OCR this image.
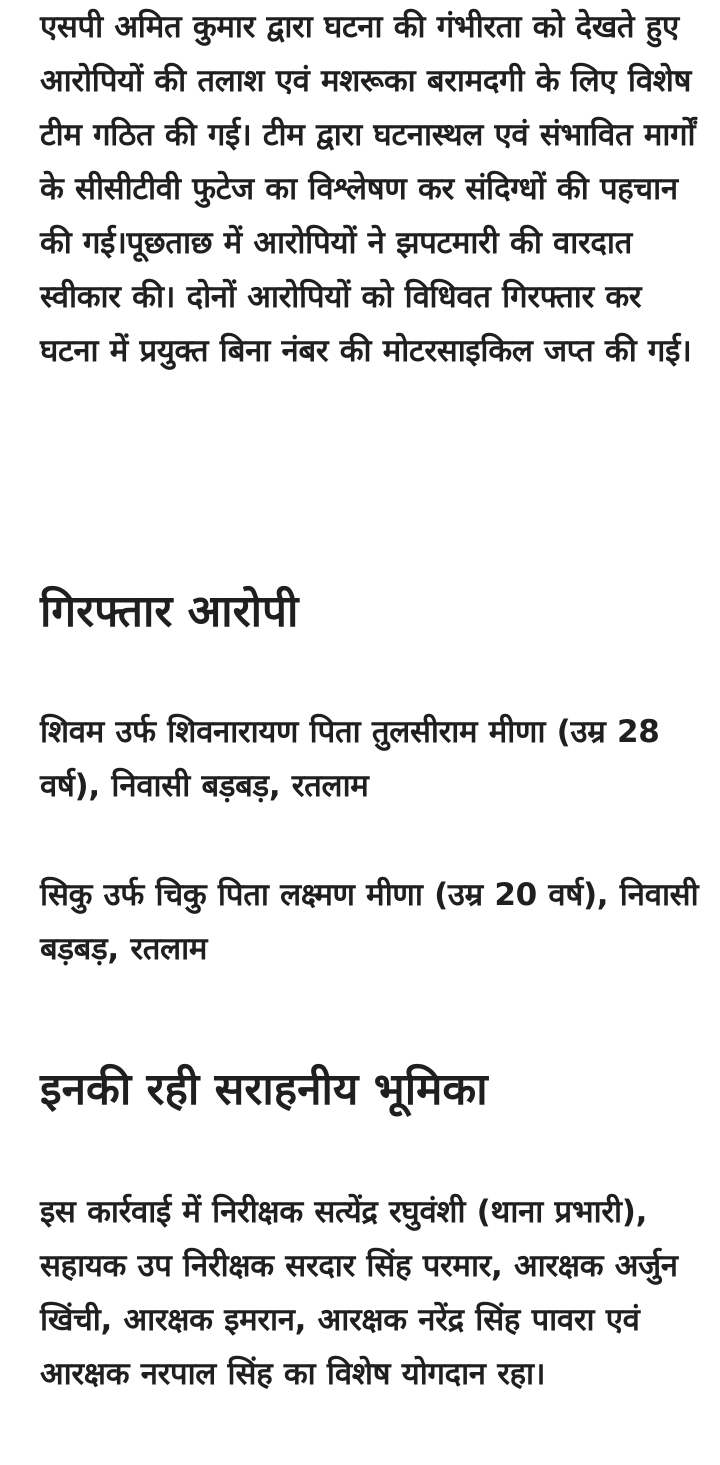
एसपी अमित कुमार द्वारा घटना की गंभीरता को देखते हुए आरोपियों की तलाश एवं मशरूका बरामदगी के लिए विशेष टीम गठित की गई। टीम द्वारा घटनास्थल एवं संभावित मार्गों के सीसीटीवी फुटेज का विश्लेषण कर संदिग्धों की पहचान की गई।पूछताछ में आरोपियों ने झपटमारी की वारदात स्वीकार की। दोनों आरोपियों को विधिवत गिरफ्तार कर घटना में प्रयुक्त बिना नंबर की मोटरसाइकिल जप्त की गई।

गिरफ्तार आरोपी

शिवम उर्फ शिवनारायण पिता तुलसीराम मीणा (उम्र 28 वर्ष), निवासी बड़बड़, रतलाम

सिकु उर्फ चिकु पिता लक्ष्मण मीणा (उम्र 20 वर्ष), निवासी बड़बड़, रतलाम

इनकी रही सराहनीय भूमिका

इस कार्रवाई में निरीक्षक सत्येंद्र रघुवंशी (थाना प्रभारी), सहायक उप निरीक्षक सरदार सिंह परमार, आरक्षक अर्जुन खिंची, आरक्षक इमरान, आरक्षक नरेंद्र सिंह पावरा एवं आरक्षक नरपाल सिंह का विशेष योगदान रहा।
